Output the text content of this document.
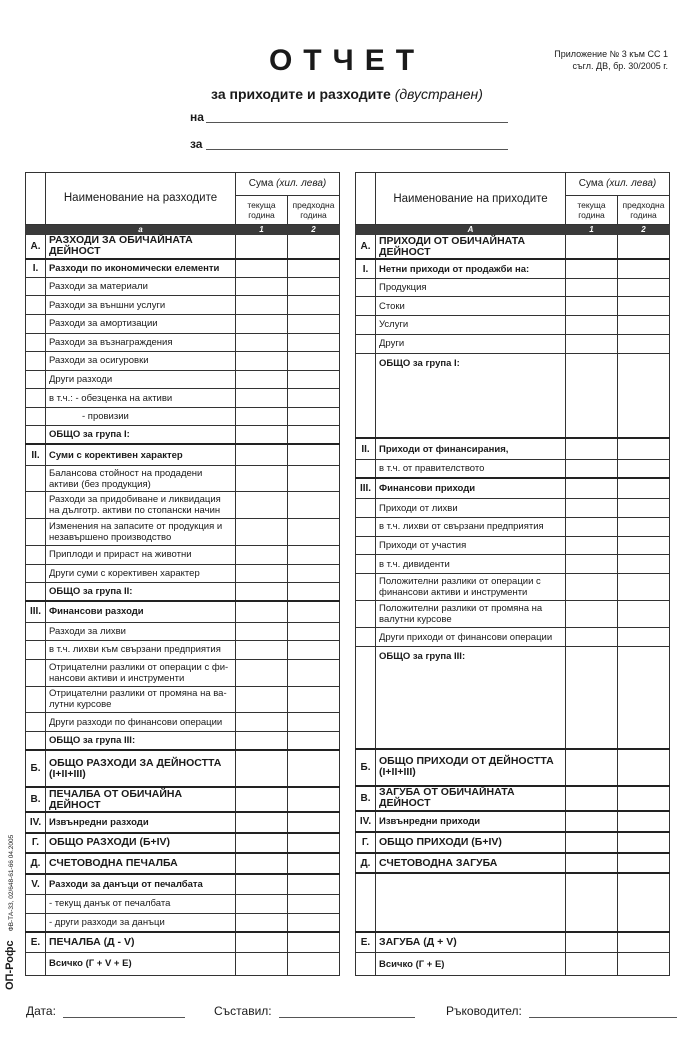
ОТЧЕТ
за приходите и разходите (двустранен)
Приложение № 3 към СС 1
съгл. ДВ, бр. 30/2005 г.
на
за
	Наименование на разходите	Сума (хил. лева)	
		текуща година	предходна година
	а	1	2
А.	РАЗХОДИ ЗА ОБИЧАЙНАТА ДЕЙНОСТ		
I.	Разходи по икономически елементи		
	Разходи за материали		
	Разходи за външни услуги		
	Разходи за амортизации		
	Разходи за възнаграждения		
	Разходи за осигуровки		
	Други разходи		
	в т.ч.: - обезценка на активи		
	- провизии		
	ОБЩО за група I:		
II.	Суми с корективен характер		
	Балансова стойност на продадени активи (без продукция)		
	Разходи за придобиване и ликвидация на дълготр. активи по стопански начин		
	Изменения на запасите от продукция и незавършено производство		
	Приплоди и прираст на животни		
	Други суми с корективен характер		
	ОБЩО за група II:		
III.	Финансови разходи		
	Разходи за лихви		
	в т.ч. лихви към свързани предприятия		
	Отрицателни разлики от операции с финансови активи и инструменти		
	Отрицателни разлики от промяна на валутни курсове		
	Други разходи по финансови операции		
	ОБЩО за група III:		
Б.	ОБЩО РАЗХОДИ ЗА ДЕЙНОСТТА (I+II+III)		
В.	ПЕЧАЛБА ОТ ОБИЧАЙНА ДЕЙНОСТ		
IV.	Извънредни разходи		
Г.	ОБЩО РАЗХОДИ (Б+IV)		
Д.	СЧЕТОВОДНА ПЕЧАЛБА		
V.	Разходи за данъци от печалбата		
	- текущ данък от печалбата		
	- други разходи за данъци		
Е.	ПЕЧАЛБА (Д - V)		
	Всичко (Г + V + Е)		
	Наименование на приходите	Сума (хил. лева)	
		текуща година	предходна година
	А	1	2
А.	ПРИХОДИ ОТ ОБИЧАЙНАТА ДЕЙНОСТ		
I.	Нетни приходи от продажби на:		
	Продукция		
	Стоки		
	Услуги		
	Други		
	ОБЩО за група I:		
II.	Приходи от финансирания,		
	в т.ч. от правителството		
III.	Финансови приходи		
	Приходи от лихви		
	в т.ч. лихви от свързани предприятия		
	Приходи от участия		
	в т.ч. дивиденти		
	Положителни разлики от операции с финансови активи и инструменти		
	Положителни разлики от промяна на валутни курсове		
	Други приходи от финансови операции		
	ОБЩО за група III:		
Б.	ОБЩО ПРИХОДИ ОТ ДЕЙНОСТТА (I+II+III)		
В.	ЗАГУБА ОТ ОБИЧАЙНАТА ДЕЙНОСТ		
IV.	Извънредни приходи		
Г.	ОБЩО ПРИХОДИ (Б+IV)		
Д.	СЧЕТОВОДНА ЗАГУБА		

Е.	ЗАГУБА (Д + V)		
	Всичко (Г + Е)		
ОП-Рофс ФВ-ТА-33, 02/648-61-66 04.2005
Дата:	Съставил:	Ръководител:
